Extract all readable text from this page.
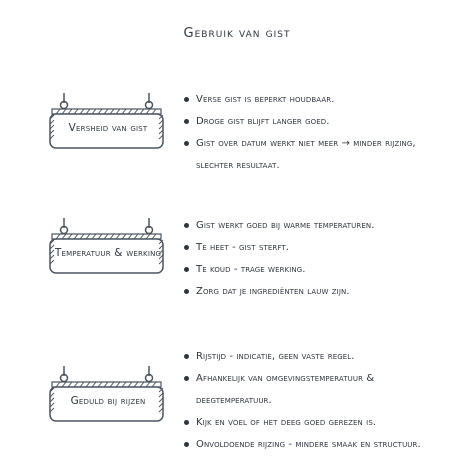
Gebruik van gist
Versheid van gist
Verse gist is beperkt houdbaar.
Droge gist blijft langer goed.
Gist over datum werkt niet meer → minder rijzing,
slechter resultaat.
Temperatuur & werking
Gist werkt goed bij warme temperaturen.
Te heet - gist sterft.
Te koud - trage werking.
Zorg dat je ingrediënten lauw zijn.
Geduld bij rijzen
Rijstijd - indicatie, geen vaste regel.
Afhankelijk van omgevingstemperatuur &
deegtemperatuur.
Kijk en voel of het deeg goed gerezen is.
Onvoldoende rijzing - mindere smaak en structuur.
